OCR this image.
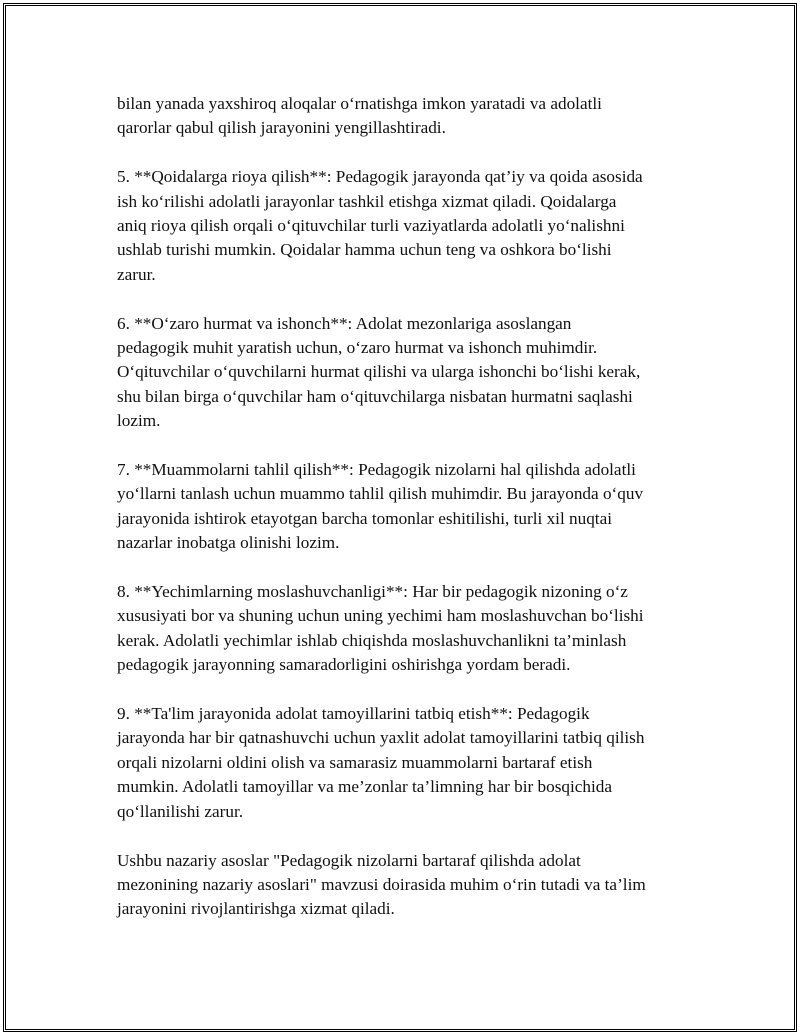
bilan yanada yaxshiroq aloqalar o‘rnatishga imkon yaratadi va adolatli
qarorlar qabul qilish jarayonini yengillashtiradi.

5. **Qoidalarga rioya qilish**: Pedagogik jarayonda qat’iy va qoida asosida
ish ko‘rilishi adolatli jarayonlar tashkil etishga xizmat qiladi. Qoidalarga
aniq rioya qilish orqali o‘qituvchilar turli vaziyatlarda adolatli yo‘nalishni
ushlab turishi mumkin. Qoidalar hamma uchun teng va oshkora bo‘lishi
zarur.

6. **O‘zaro hurmat va ishonch**: Adolat mezonlariga asoslangan
pedagogik muhit yaratish uchun, o‘zaro hurmat va ishonch muhimdir.
O‘qituvchilar o‘quvchilarni hurmat qilishi va ularga ishonchi bo‘lishi kerak,
shu bilan birga o‘quvchilar ham o‘qituvchilarga nisbatan hurmatni saqlashi
lozim.

7. **Muammolarni tahlil qilish**: Pedagogik nizolarni hal qilishda adolatli
yo‘llarni tanlash uchun muammo tahlil qilish muhimdir. Bu jarayonda o‘quv
jarayonida ishtirok etayotgan barcha tomonlar eshitilishi, turli xil nuqtai
nazarlar inobatga olinishi lozim.

8. **Yechimlarning moslashuvchanligi**: Har bir pedagogik nizoning o‘z
xususiyati bor va shuning uchun uning yechimi ham moslashuvchan bo‘lishi
kerak. Adolatli yechimlar ishlab chiqishda moslashuvchanlikni ta’minlash
pedagogik jarayonning samaradorligini oshirishga yordam beradi.

9. **Ta'lim jarayonida adolat tamoyillarini tatbiq etish**: Pedagogik
jarayonda har bir qatnashuvchi uchun yaxlit adolat tamoyillarini tatbiq qilish
orqali nizolarni oldini olish va samarasiz muammolarni bartaraf etish
mumkin. Adolatli tamoyillar va me’zonlar ta’limning har bir bosqichida
qo‘llanilishi zarur.

Ushbu nazariy asoslar "Pedagogik nizolarni bartaraf qilishda adolat
mezonining nazariy asoslari" mavzusi doirasida muhim o‘rin tutadi va ta’lim
jarayonini rivojlantirishga xizmat qiladi.
